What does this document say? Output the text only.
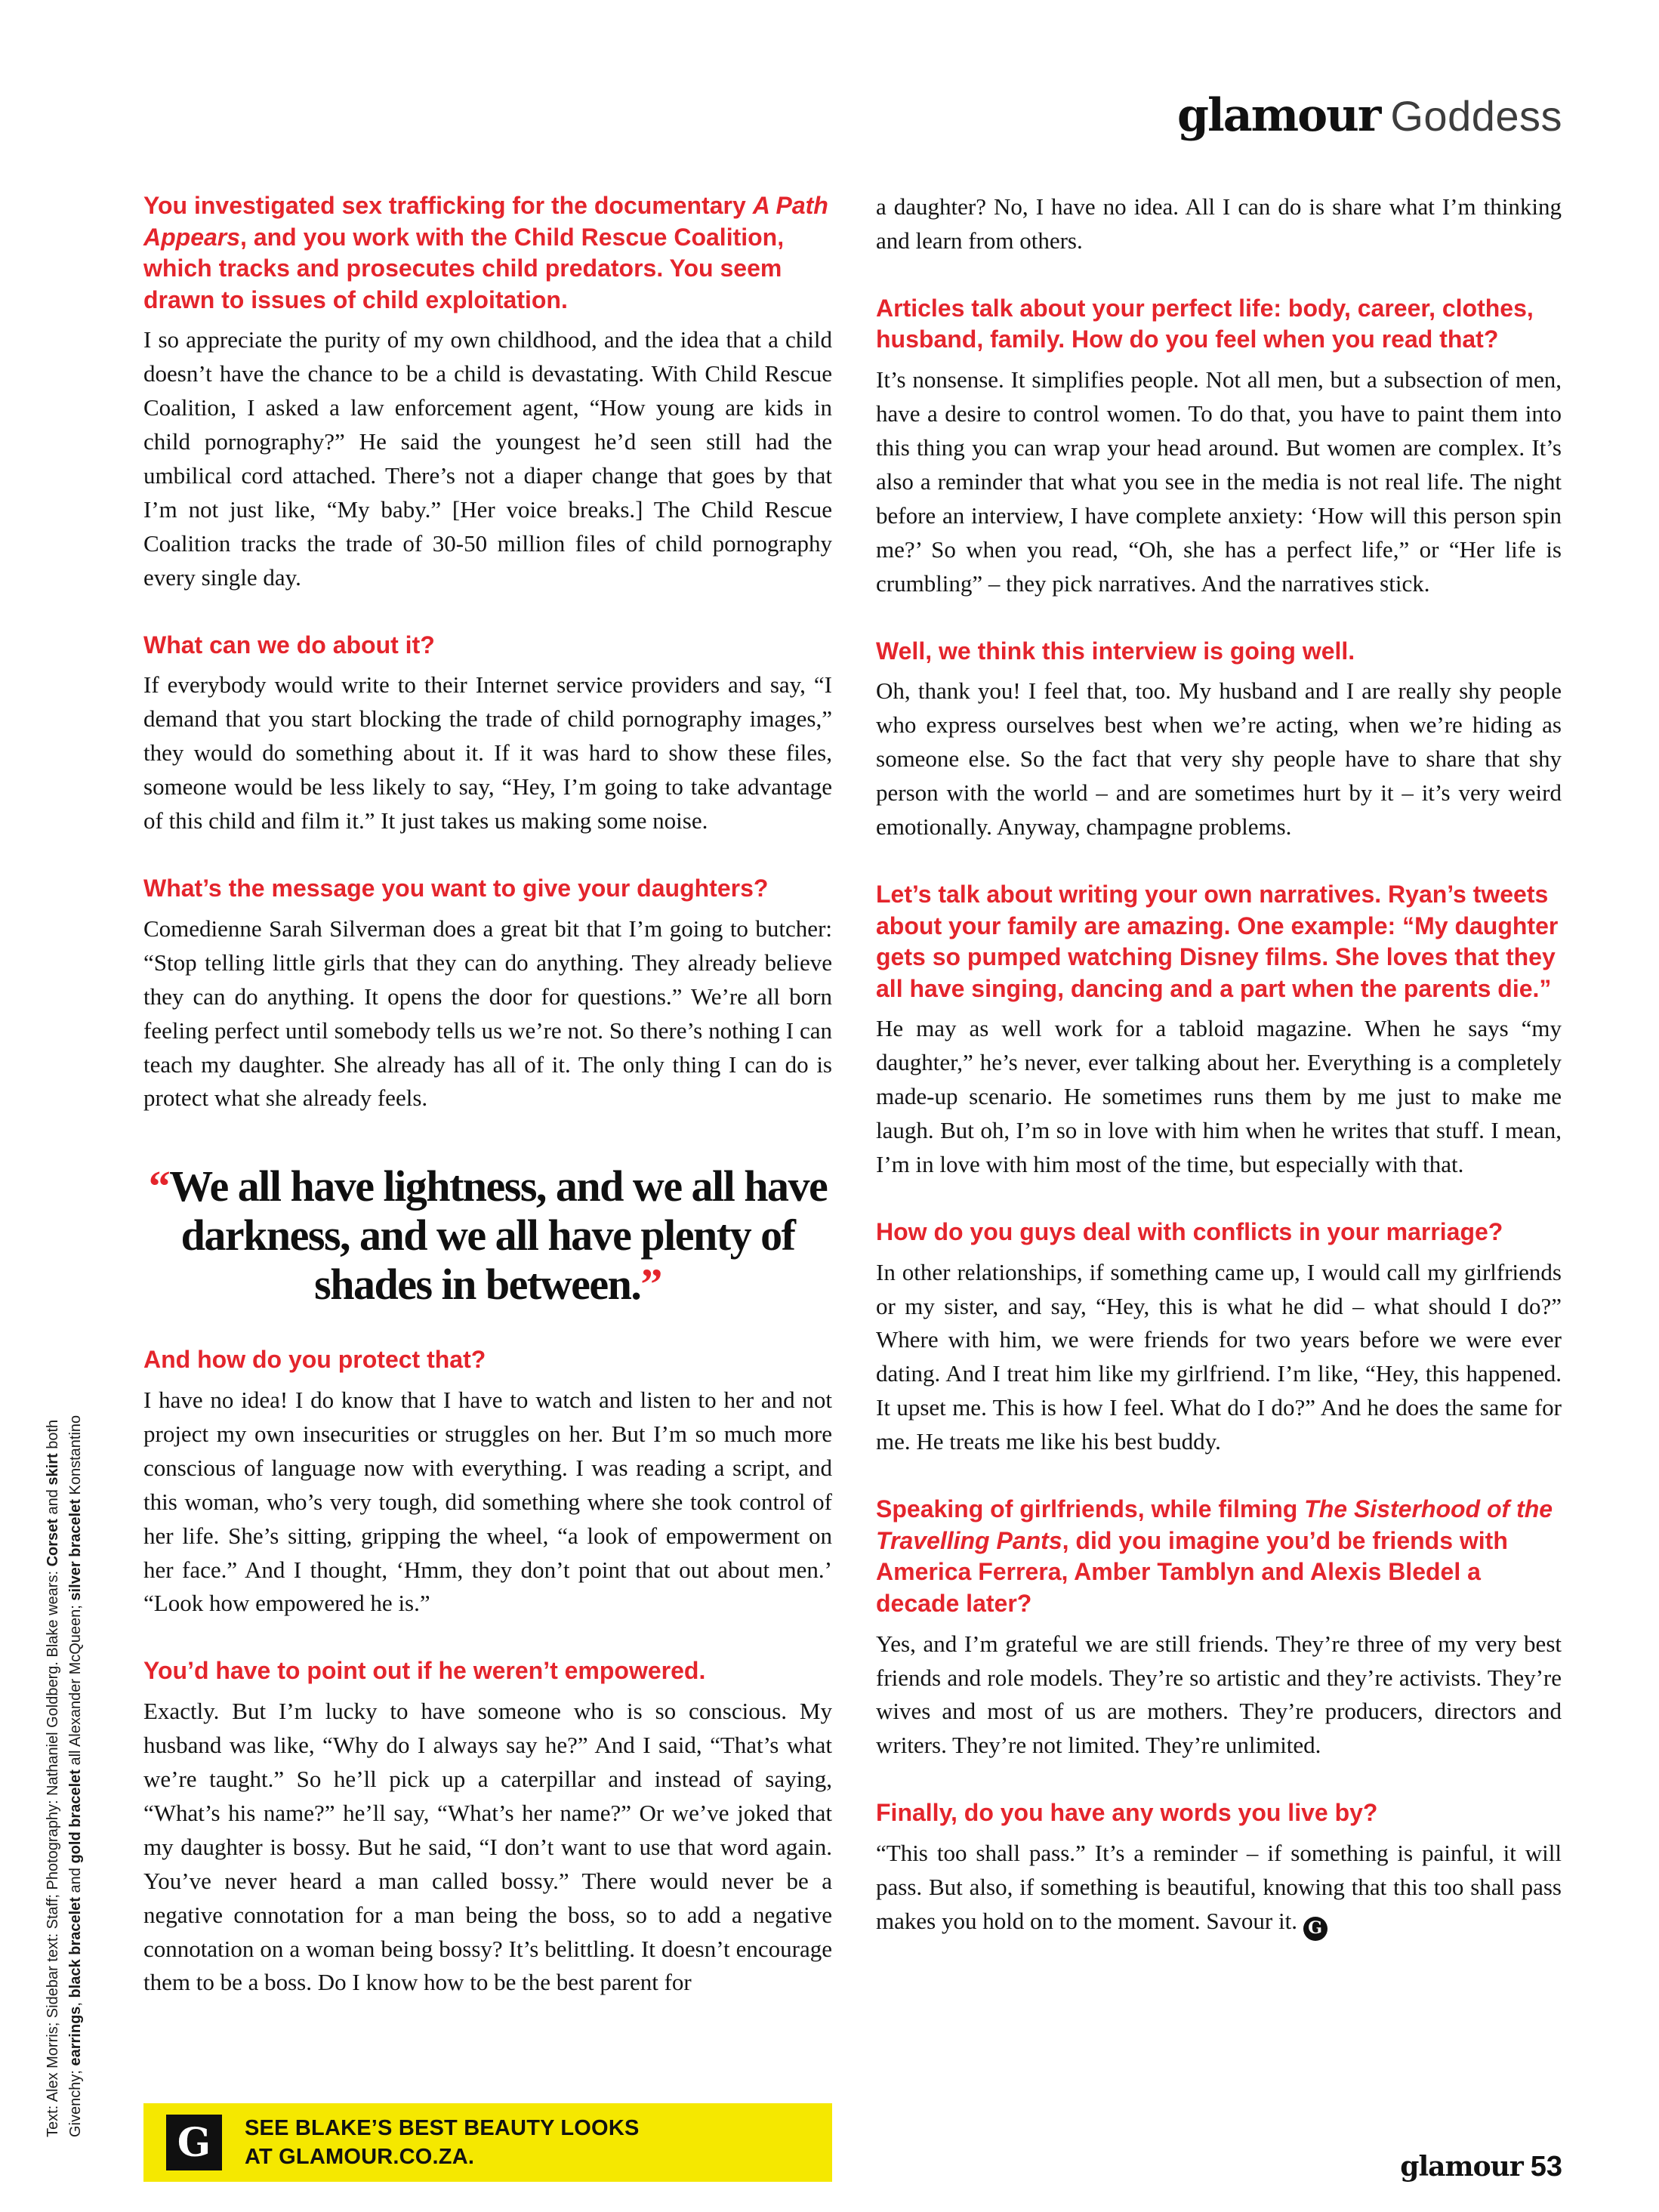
glamour Goddess
Text: Alex Morris; Sidebar text: Staff; Photography: Nathaniel Goldberg. Blake wears: Corset and skirt both
Givenchy; earrings, black bracelet and gold bracelet all Alexander McQueen; silver bracelet Konstantino
You investigated sex trafficking for the documentary A Path Appears, and you work with the Child Rescue Coalition, which tracks and prosecutes child predators. You seem drawn to issues of child exploitation.

I so appreciate the purity of my own childhood, and the idea that a child doesn’t have the chance to be a child is devastating. With Child Rescue Coalition, I asked a law enforcement agent, “How young are kids in child pornography?” He said the youngest he’d seen still had the umbilical cord attached. There’s not a diaper change that goes by that I’m not just like, “My baby.” [Her voice breaks.] The Child Rescue Coalition tracks the trade of 30-50 million files of child pornography every single day.

What can we do about it?

If everybody would write to their Internet service providers and say, “I demand that you start blocking the trade of child pornography images,” they would do something about it. If it was hard to show these files, someone would be less likely to say, “Hey, I’m going to take advantage of this child and film it.” It just takes us making some noise.

What’s the message you want to give your daughters?

Comedienne Sarah Silverman does a great bit that I’m going to butcher: “Stop telling little girls that they can do anything. They already believe they can do anything. It opens the door for questions.” We’re all born feeling perfect until somebody tells us we’re not. So there’s nothing I can teach my daughter. She already has all of it. The only thing I can do is protect what she already feels.

“We all have lightness, and we all have darkness, and we all have plenty of shades in between.”
And how do you protect that?

I have no idea! I do know that I have to watch and listen to her and not project my own insecurities or struggles on her. But I’m so much more conscious of language now with everything. I was reading a script, and this woman, who’s very tough, did something where she took control of her life. She’s sitting, gripping the wheel, “a look of empowerment on her face.” And I thought, ‘Hmm, they don’t point that out about men.’ “Look how empowered he is.”

You’d have to point out if he weren’t empowered.

Exactly. But I’m lucky to have someone who is so conscious. My husband was like, “Why do I always say he?” And I said, “That’s what we’re taught.” So he’ll pick up a caterpillar and instead of saying, “What’s his name?” he’ll say, “What’s her name?” Or we’ve joked that my daughter is bossy. But he said, “I don’t want to use that word again. You’ve never heard a man called bossy.” There would never be a negative connotation for a man being the boss, so to add a negative connotation on a woman being bossy? It’s belittling. It doesn’t encourage them to be a boss. Do I know how to be the best parent for

a daughter? No, I have no idea. All I can do is share what I’m thinking and learn from others.

Articles talk about your perfect life: body, career, clothes, husband, family. How do you feel when you read that?

It’s nonsense. It simplifies people. Not all men, but a subsection of men, have a desire to control women. To do that, you have to paint them into this thing you can wrap your head around. But women are complex. It’s also a reminder that what you see in the media is not real life. The night before an interview, I have complete anxiety: ‘How will this person spin me?’ So when you read, “Oh, she has a perfect life,” or “Her life is crumbling” – they pick narratives. And the narratives stick.

Well, we think this interview is going well.

Oh, thank you! I feel that, too. My husband and I are really shy people who express ourselves best when we’re acting, when we’re hiding as someone else. So the fact that very shy people have to share that shy person with the world – and are sometimes hurt by it – it’s very weird emotionally. Anyway, champagne problems.

Let’s talk about writing your own narratives. Ryan’s tweets about your family are amazing. One example: “My daughter gets so pumped watching Disney films. She loves that they all have singing, dancing and a part when the parents die.”

He may as well work for a tabloid magazine. When he says “my daughter,” he’s never, ever talking about her. Everything is a completely made-up scenario. He sometimes runs them by me just to make me laugh. But oh, I’m so in love with him when he writes that stuff. I mean, I’m in love with him most of the time, but especially with that.

How do you guys deal with conflicts in your marriage?

In other relationships, if something came up, I would call my girlfriends or my sister, and say, “Hey, this is what he did – what should I do?” Where with him, we were friends for two years before we were ever dating. And I treat him like my girlfriend. I’m like, “Hey, this happened. It upset me. This is how I feel. What do I do?” And he does the same for me. He treats me like his best buddy.

Speaking of girlfriends, while filming The Sisterhood of the Travelling Pants, did you imagine you’d be friends with America Ferrera, Amber Tamblyn and Alexis Bledel a decade later?

Yes, and I’m grateful we are still friends. They’re three of my very best friends and role models. They’re so artistic and they’re activists. They’re wives and most of us are mothers. They’re producers, directors and writers. They’re not limited. They’re unlimited.

Finally, do you have any words you live by?

“This too shall pass.” It’s a reminder – if something is painful, it will pass. But also, if something is beautiful, knowing that this too shall pass makes you hold on to the moment. Savour it. G

G	SEE BLAKE’S BEST BEAUTY LOOKS
AT GLAMOUR.CO.ZA.	glamour 53
